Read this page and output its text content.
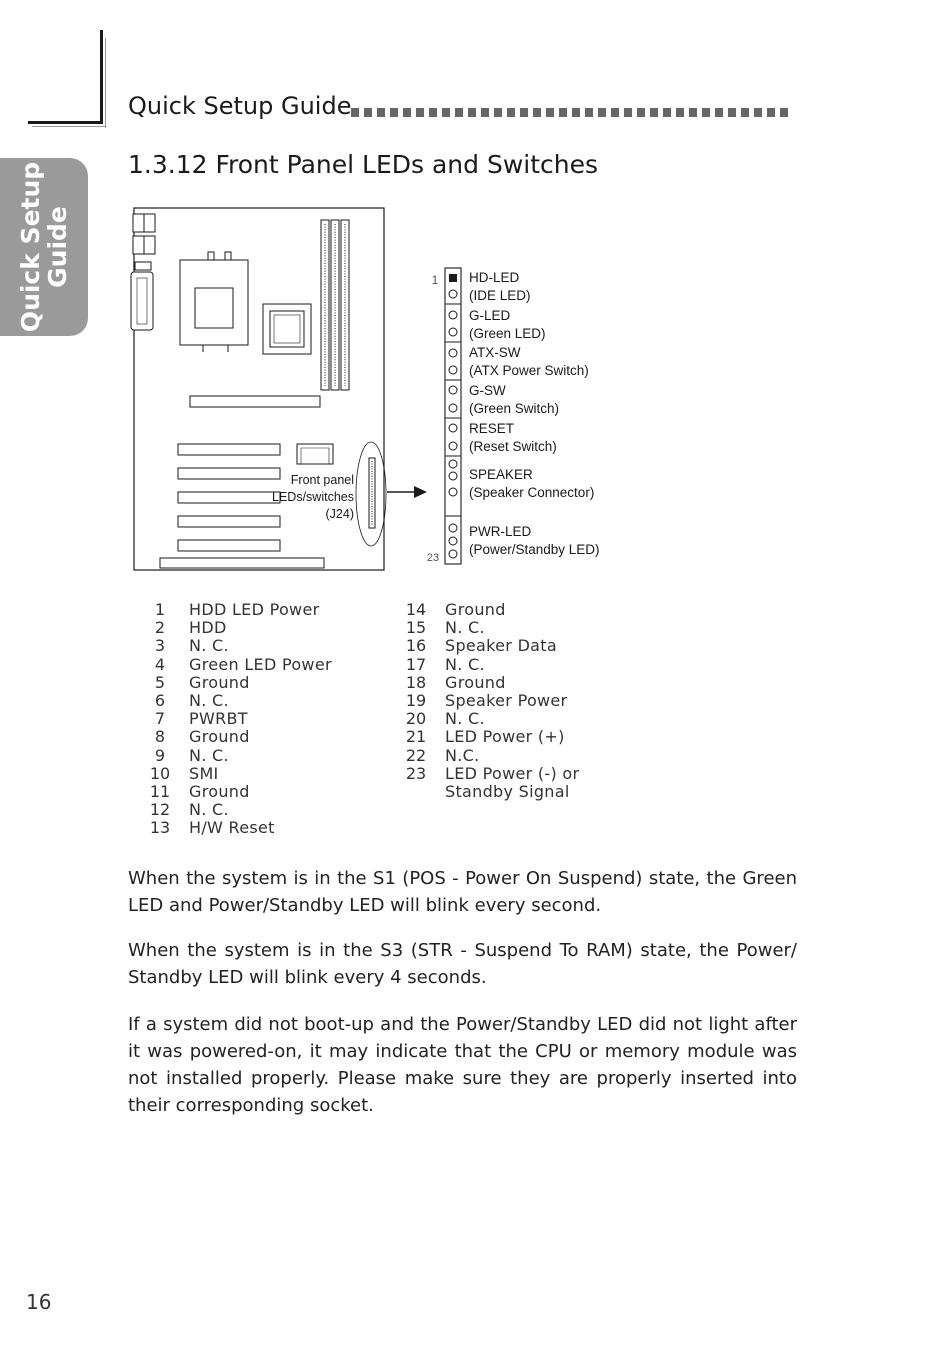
Quick Setup
Guide
Quick Setup Guide
1.3.12 Front Panel LEDs and Switches
Front panel
LEDs/switches
(J24)
1
23
HD-LED
(IDE LED)
G-LED
(Green LED)
ATX-SW
(ATX Power Switch)
G-SW
(Green Switch)
RESET
(Reset Switch)
SPEAKER
(Speaker Connector)
PWR-LED
(Power/Standby LED)
1	HDD LED Power
2	HDD
3	N. C.
4	Green LED Power
5	Ground
6	N. C.
7	PWRBT
8	Ground
9	N. C.
10	SMI
11	Ground
12	N. C.
13	H/W Reset
14	Ground
15	N. C.
16	Speaker Data
17	N. C.
18	Ground
19	Speaker Power
20	N. C.
21	LED Power (+)
22	N.C.
23	LED Power (-) or
Standby Signal
When the system is in the S1 (POS - Power On Suspend) state, the Green LED and Power/Standby LED will blink every second.
When the system is in the S3 (STR - Suspend To RAM) state, the Power/ Standby LED will blink every 4 seconds.
If a system did not boot-up and the Power/Standby LED did not light after it was powered-on, it may indicate that the CPU or memory module was not installed properly. Please make sure they are properly inserted into their corresponding socket.
16
